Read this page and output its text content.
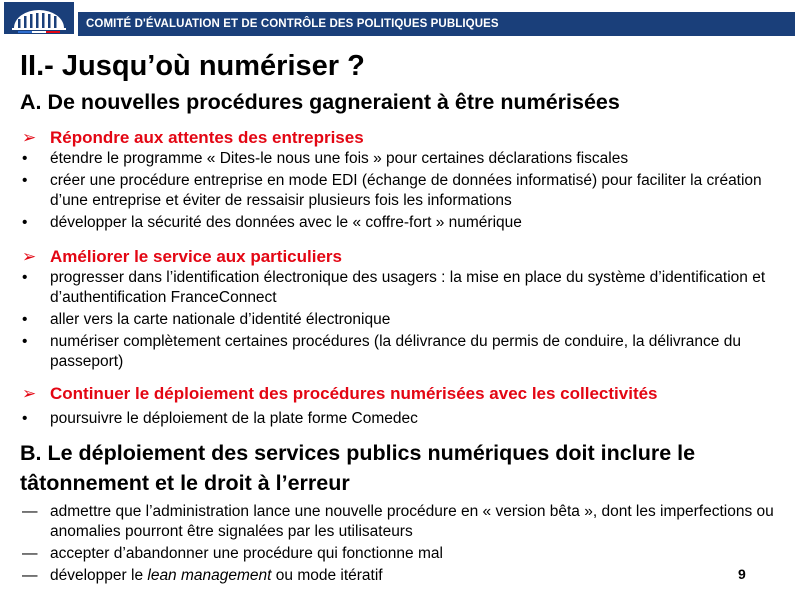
COMITÉ D'ÉVALUATION ET DE CONTRÔLE DES POLITIQUES PUBLIQUES
II.- Jusqu’où numériser ?
A. De nouvelles procédures gagneraient à être numérisées
➢ Répondre aux attentes des entreprises
• étendre le programme « Dites-le nous une fois » pour certaines déclarations fiscales
• créer une procédure entreprise en mode EDI (échange de données informatisé) pour faciliter la création d’une entreprise et éviter de ressaisir plusieurs fois les informations
• développer la sécurité des données avec le « coffre-fort » numérique
➢ Améliorer le service aux particuliers
• progresser dans l’identification électronique des usagers : la mise en place du système d’identification et d’authentification FranceConnect
• aller vers la carte nationale d’identité électronique
• numériser complètement certaines procédures (la délivrance du permis de conduire, la délivrance du passeport)
➢ Continuer le déploiement des procédures numérisées avec les collectivités
• poursuivre le déploiement de la plate forme Comedec
B. Le déploiement des services publics numériques doit inclure le tâtonnement et le droit à l’erreur
— admettre que l’administration lance une nouvelle procédure en « version bêta », dont les imperfections ou anomalies pourront être signalées par les utilisateurs
— accepter d’abandonner une procédure qui fonctionne mal
— développer le lean management ou mode itératif	9
